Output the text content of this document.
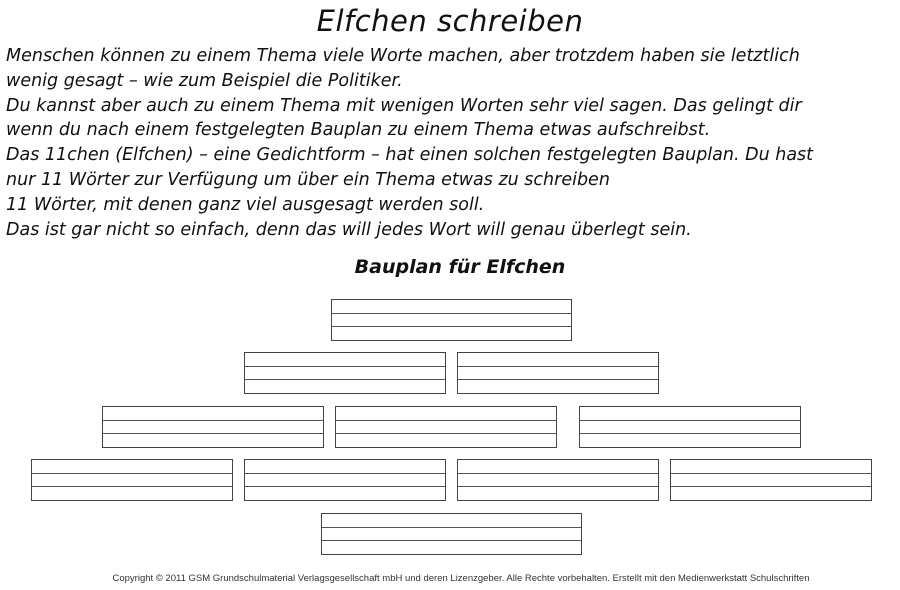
Elfchen schreiben
Menschen können zu einem Thema viele Worte machen, aber trotzdem haben sie letztlich
wenig gesagt – wie zum Beispiel die Politiker.
Du kannst aber auch zu einem Thema mit wenigen Worten sehr viel sagen. Das gelingt dir
wenn du nach einem festgelegten Bauplan zu einem Thema etwas aufschreibst.
Das 11chen (Elfchen) – eine Gedichtform – hat einen solchen festgelegten Bauplan. Du hast
nur 11 Wörter zur Verfügung um über ein Thema etwas zu schreiben
11 Wörter, mit denen ganz viel ausgesagt werden soll.
Das ist gar nicht so einfach, denn das will jedes Wort will genau überlegt sein.
Bauplan für Elfchen
Copyright © 2011 GSM Grundschulmaterial Verlagsgesellschaft mbH und deren Lizenzgeber. Alle Rechte vorbehalten. Erstellt mit den Medienwerkstatt Schulschriften
